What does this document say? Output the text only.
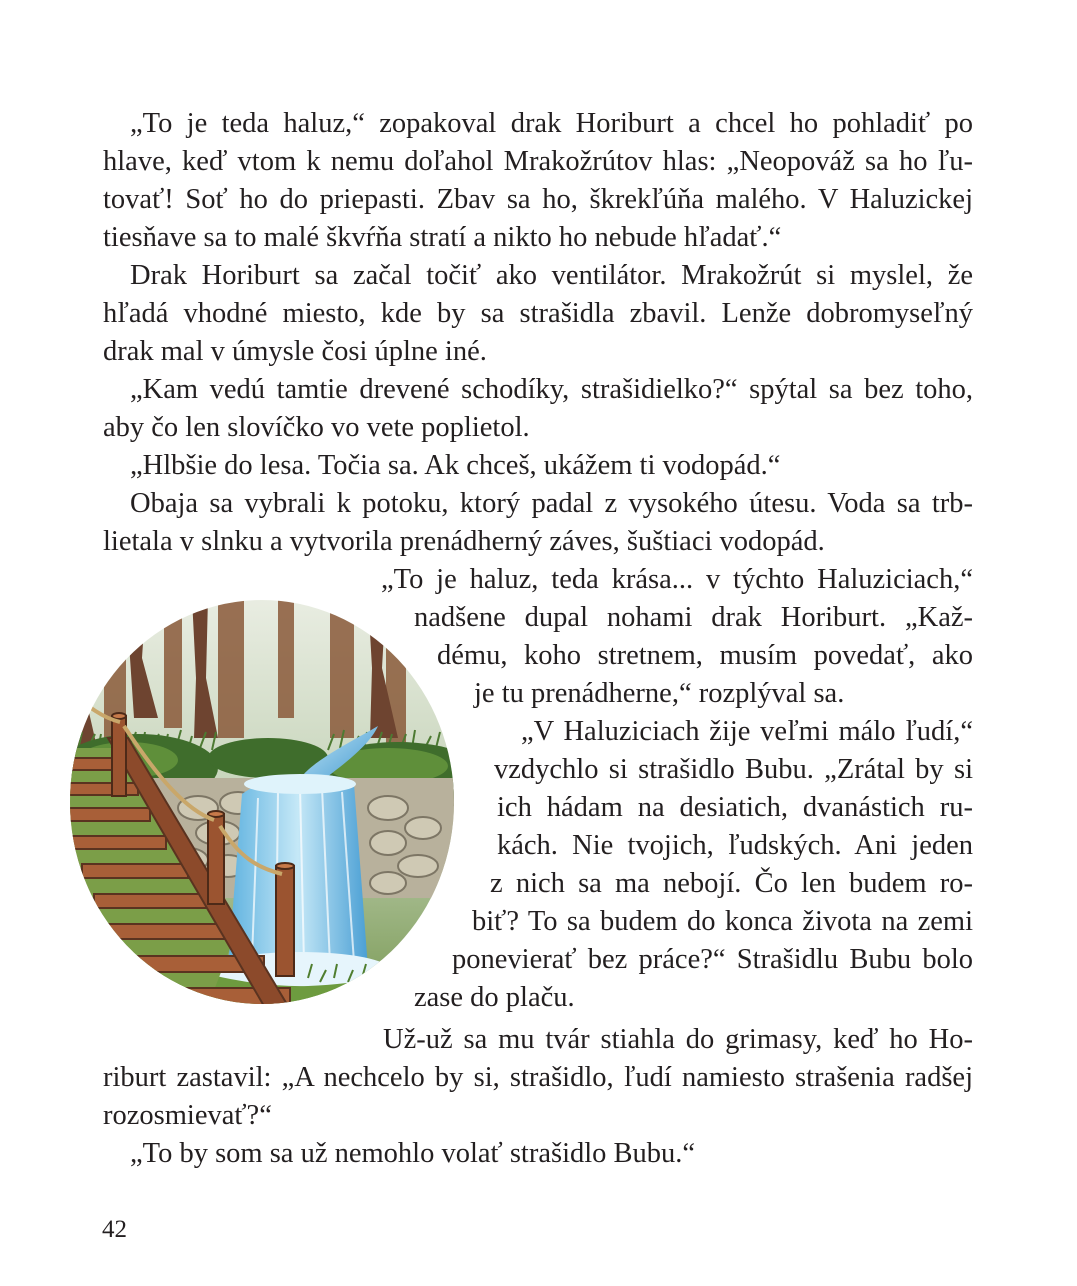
„To je teda haluz,“ zopakoval drak Horiburt a chcel ho pohladiť po

hlave, keď vtom k nemu doľahol Mrakožrútov hlas: „Neopováž sa ho ľu-

tovať! Soť ho do priepasti. Zbav sa ho, škrekľúňa malého. V Haluzickej

tiesňave sa to malé škvŕňa stratí a nikto ho nebude hľadať.“

Drak Horiburt sa začal točiť ako ventilátor. Mrakožrút si myslel, že

hľadá vhodné miesto, kde by sa strašidla zbavil. Lenže dobromyseľný

drak mal v úmysle čosi úplne iné.

„Kam vedú tamtie drevené schodíky, strašidielko?“ spýtal sa bez toho,

aby čo len slovíčko vo vete poplietol.

„Hlbšie do lesa. Točia sa. Ak chceš, ukážem ti vodopád.“

Obaja sa vybrali k potoku, ktorý padal z vysokého útesu. Voda sa trb-

lietala v slnku a vytvorila prenádherný záves, šuštiaci vodopád.

„To je haluz, teda krása... v týchto Haluziciach,“

nadšene dupal nohami drak Horiburt. „Kaž-

dému, koho stretnem, musím povedať, ako

je tu prenádherne,“ rozplýval sa.

„V Haluziciach žije veľmi málo ľudí,“

vzdychlo si strašidlo Bubu. „Zrátal by si

ich hádam na desiatich, dvanástich ru-

kách. Nie tvojich, ľudských. Ani jeden

z nich sa ma nebojí. Čo len budem ro-

biť? To sa budem do konca života na zemi

ponevierať bez práce?“ Strašidlu Bubu bolo

zase do plaču.

Už-už sa mu tvár stiahla do grimasy, keď ho Ho-

riburt zastavil: „A nechcelo by si, strašidlo, ľudí namiesto strašenia radšej

rozosmievať?“

„To by som sa už nemohlo volať strašidlo Bubu.“

42
